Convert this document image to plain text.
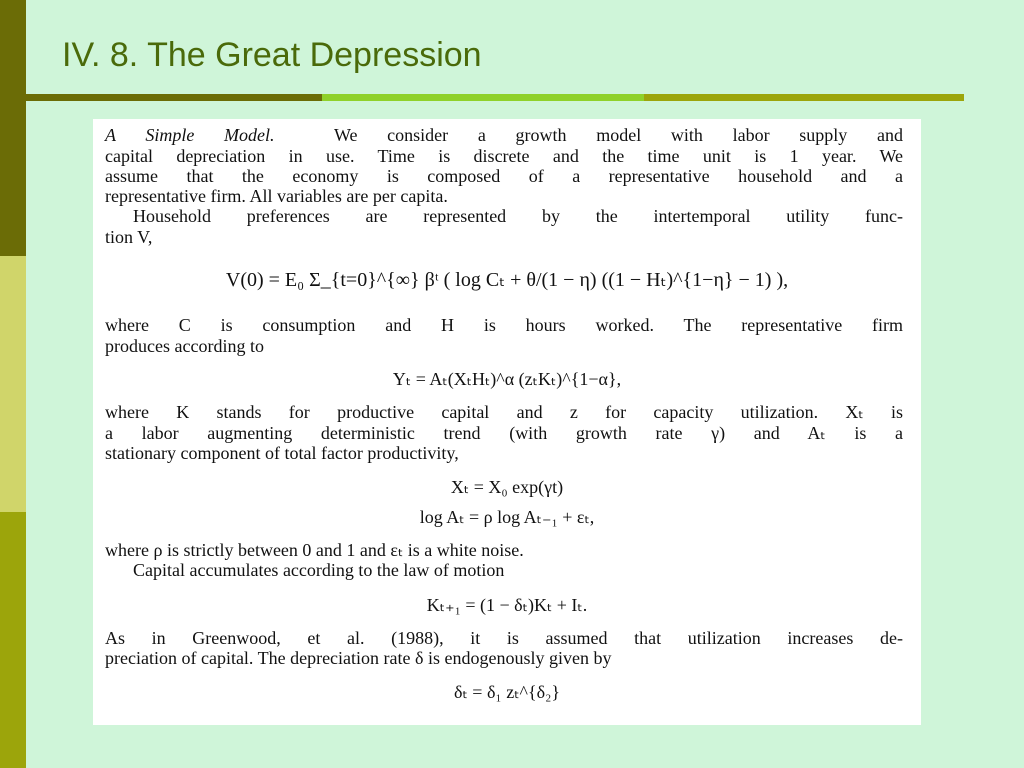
IV. 8. The Great Depression
A Simple Model.	We consider a growth model with labor supply and
capital depreciation in use. Time is discrete and the time unit is 1 year. We
assume that the economy is composed of a representative household and a
representative firm. All variables are per capita.
Household preferences are represented by the intertemporal utility func-
tion V,
V(0) = E₀ Σ_{t=0}^{∞} βᵗ ( log Cₜ + θ/(1 − η) ((1 − Hₜ)^{1−η} − 1) ),
where C is consumption and H is hours worked. The representative firm
produces according to
Yₜ = Aₜ(XₜHₜ)^α (zₜKₜ)^{1−α},
where K stands for productive capital and z for capacity utilization. Xₜ is
a labor augmenting deterministic trend (with growth rate γ) and Aₜ is a
stationary component of total factor productivity,
Xₜ = X₀ exp(γt)
log Aₜ = ρ log Aₜ₋₁ + εₜ,
where ρ is strictly between 0 and 1 and εₜ is a white noise.
Capital accumulates according to the law of motion
Kₜ₊₁ = (1 − δₜ)Kₜ + Iₜ.
As in Greenwood, et al. (1988), it is assumed that utilization increases de-
preciation of capital. The depreciation rate δ is endogenously given by
δₜ = δ₁ zₜ^{δ₂}
